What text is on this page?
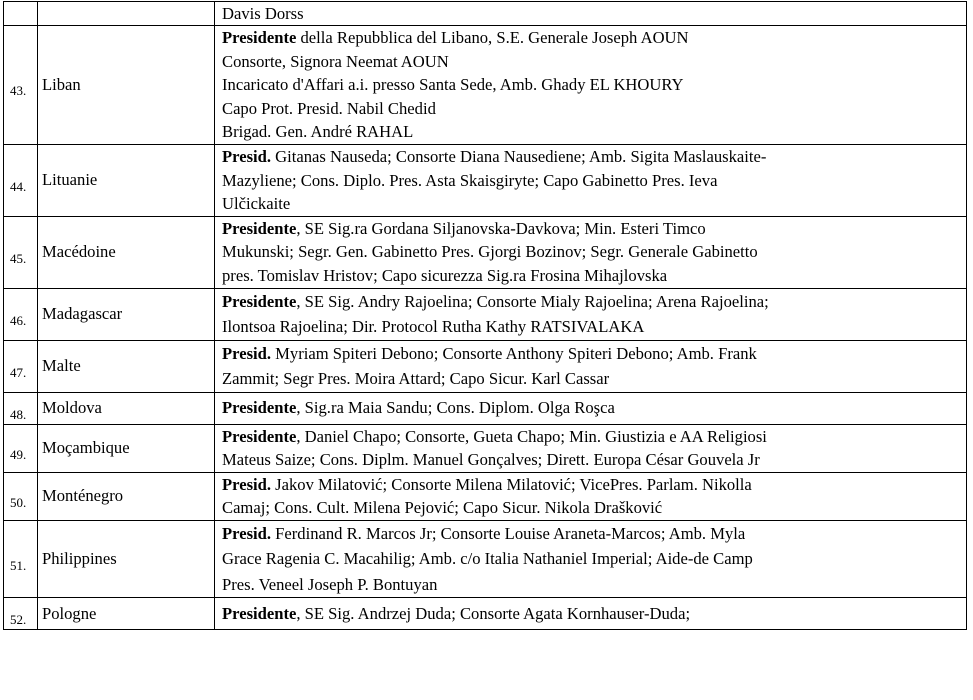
		Davis Dorss

43.	Liban	Presidente della Repubblica del Libano, S.E. Generale Joseph AOUN
Consorte, Signora Neemat AOUN
Incaricato d'Affari a.i. presso Santa Sede, Amb. Ghady EL KHOURY
Capo Prot. Presid. Nabil Chedid
Brigad. Gen. André RAHAL

44.	Lituanie	Presid. Gitanas Nauseda; Consorte Diana Nausediene; Amb. Sigita Maslauskaite-
Mazyliene; Cons. Diplo. Pres. Asta Skaisgiryte; Capo Gabinetto Pres. Ieva
Ulčickaite

45.	Macédoine	Presidente, SE Sig.ra Gordana Siljanovska-Davkova; Min. Esteri Timco
Mukunski; Segr. Gen. Gabinetto Pres. Gjorgi Bozinov; Segr. Generale Gabinetto
pres. Tomislav Hristov; Capo sicurezza Sig.ra Frosina Mihajlovska

46.	Madagascar	Presidente, SE Sig. Andry Rajoelina; Consorte Mialy Rajoelina; Arena Rajoelina;
Ilontsoa Rajoelina; Dir. Protocol Rutha Kathy RATSIVALAKA

47.	Malte	Presid. Myriam Spiteri Debono; Consorte Anthony Spiteri Debono; Amb. Frank
Zammit; Segr Pres. Moira Attard; Capo Sicur. Karl Cassar

48.	Moldova	Presidente, Sig.ra Maia Sandu; Cons. Diplom. Olga Roşca

49.	Moçambique	Presidente, Daniel Chapo; Consorte, Gueta Chapo; Min. Giustizia e AA Religiosi
Mateus Saize; Cons. Diplm. Manuel Gonçalves; Dirett. Europa César Gouvela Jr

50.	Monténegro	Presid. Jakov Milatović; Consorte Milena Milatović; VicePres. Parlam. Nikolla
Camaj; Cons. Cult. Milena Pejović; Capo Sicur. Nikola Drašković

51.	Philippines	Presid. Ferdinand R. Marcos Jr; Consorte Louise Araneta-Marcos; Amb. Myla
Grace Ragenia C. Macahilig; Amb. c/o Italia Nathaniel Imperial; Aide-de Camp
Pres. Veneel Joseph P. Bontuyan

52.	Pologne	Presidente, SE Sig. Andrzej Duda; Consorte Agata Kornhauser-Duda;
